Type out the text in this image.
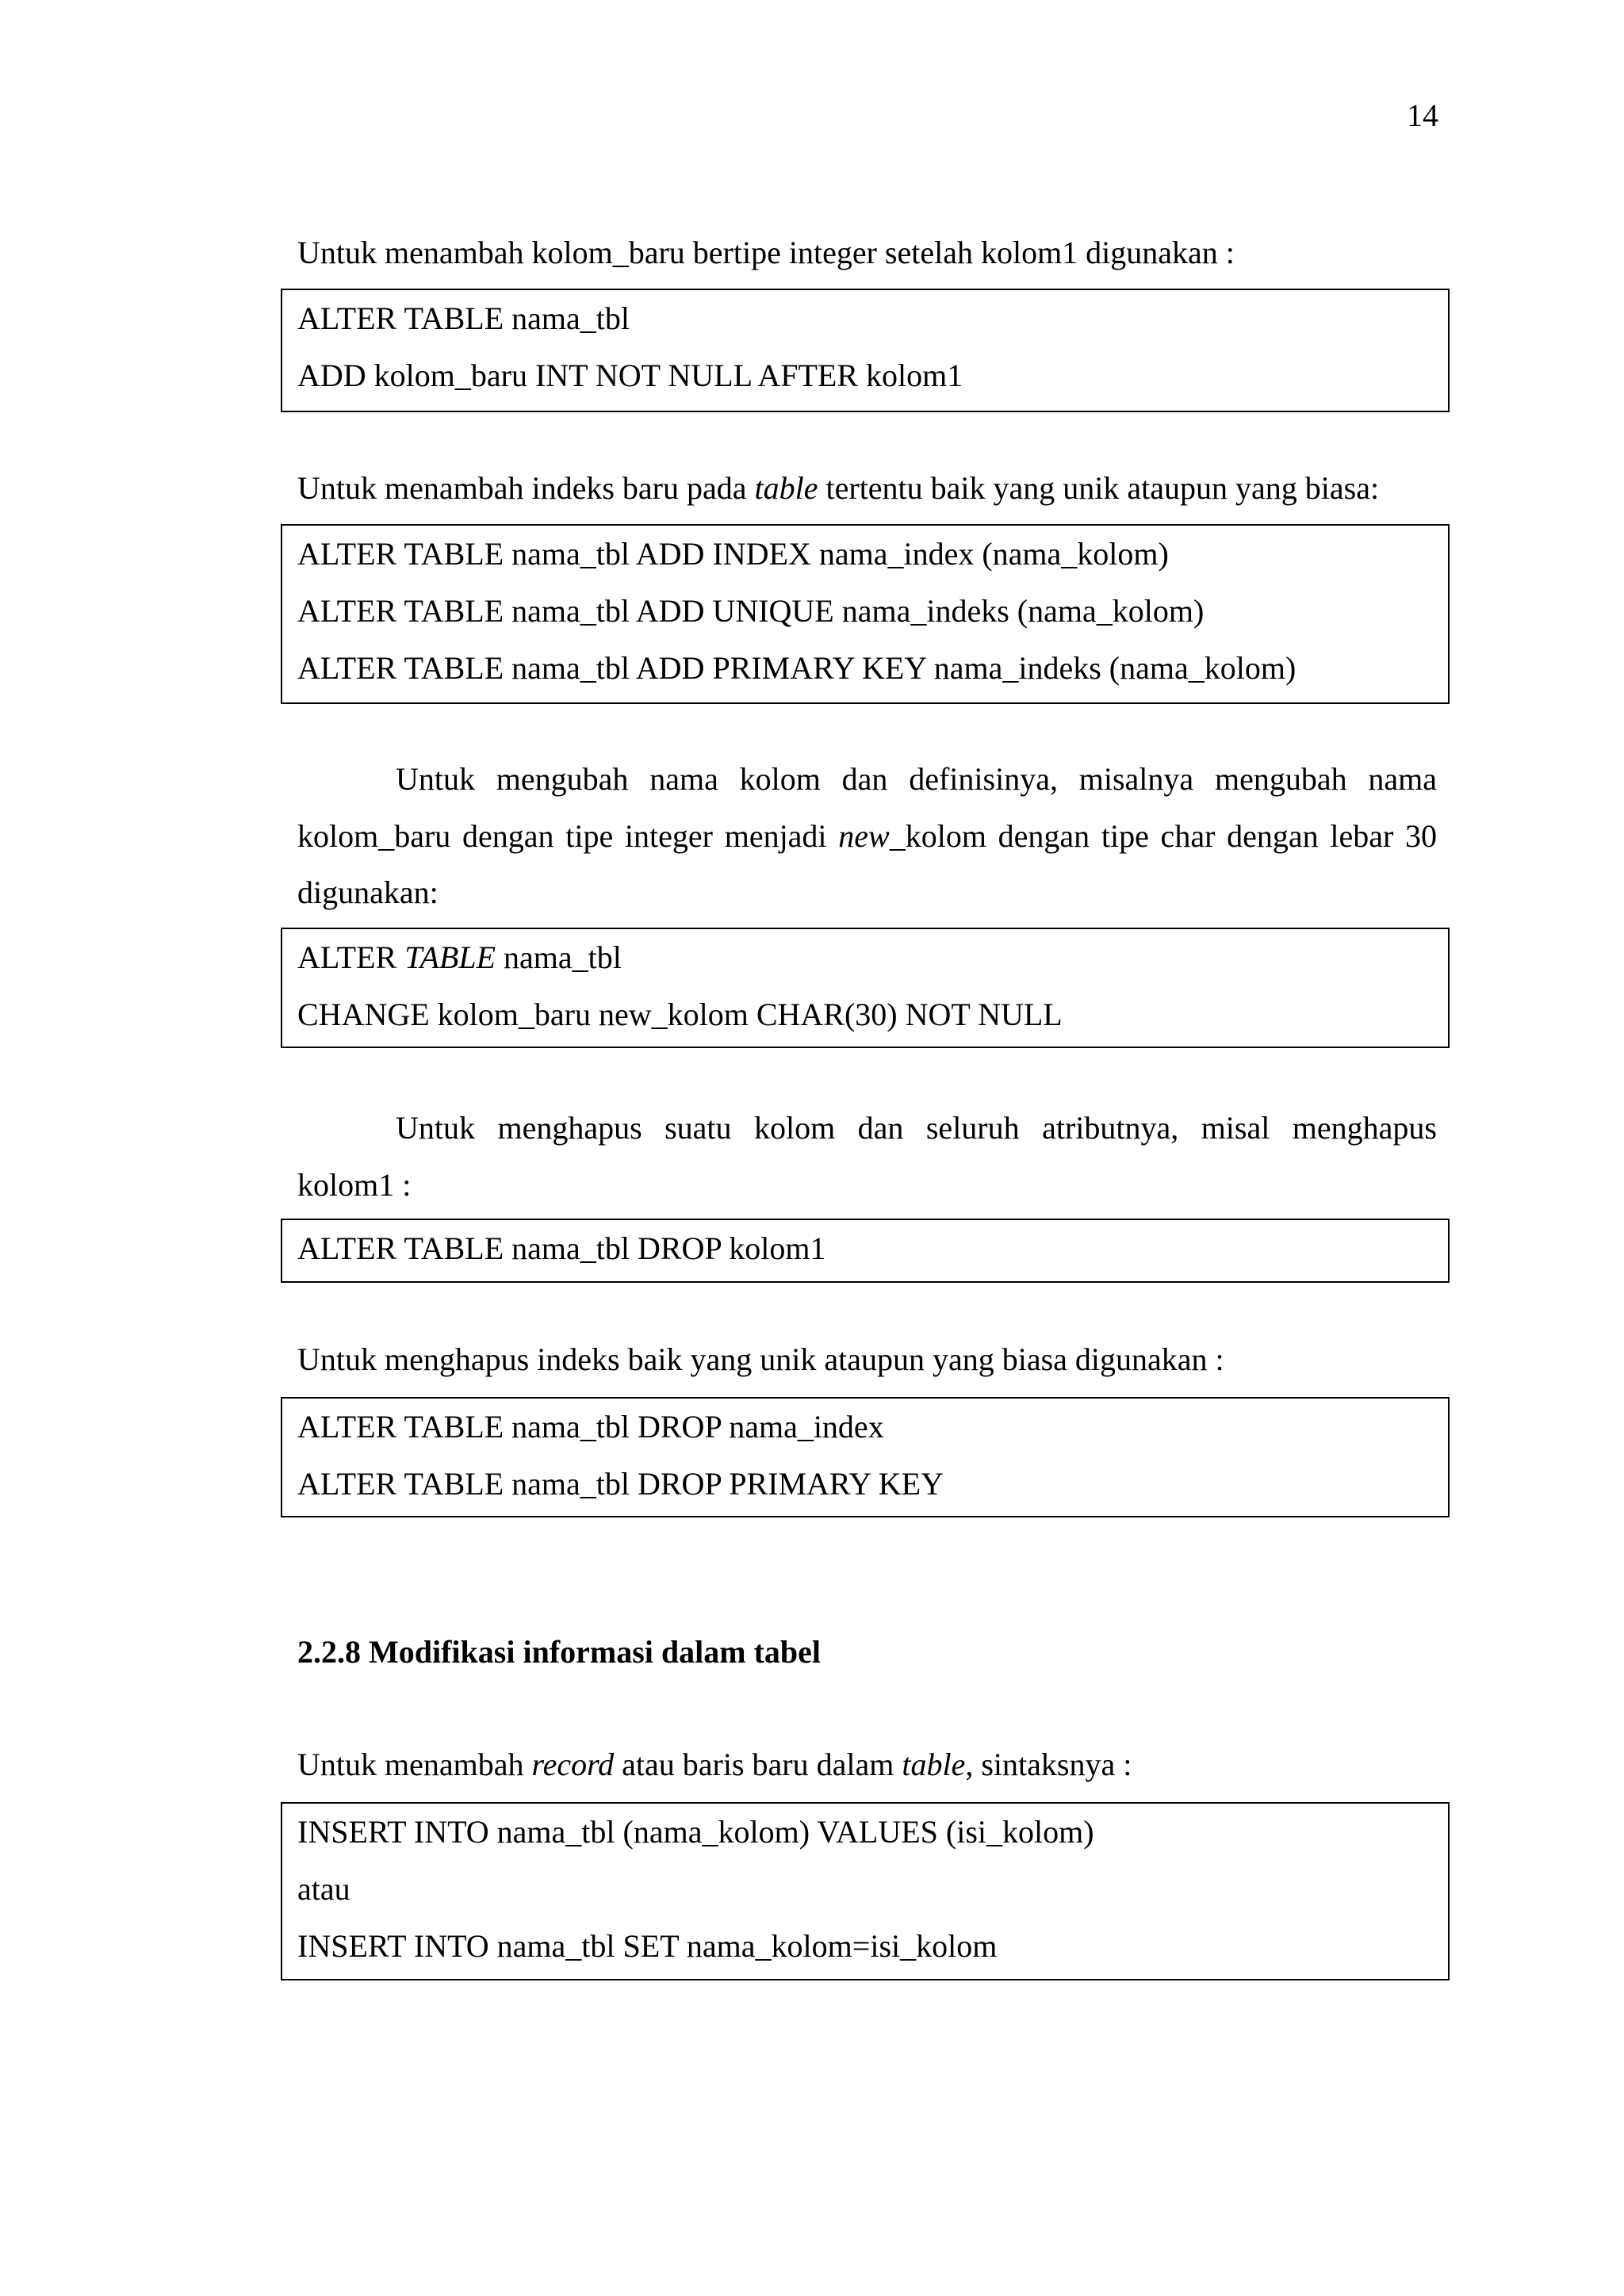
14

Untuk menambah kolom_baru bertipe integer setelah kolom1 digunakan :

ALTER TABLE nama_tbl
ADD kolom_baru INT NOT NULL AFTER kolom1

Untuk menambah indeks baru pada table tertentu baik yang unik ataupun yang biasa:

ALTER TABLE nama_tbl ADD INDEX nama_index (nama_kolom)
ALTER TABLE nama_tbl ADD UNIQUE nama_indeks (nama_kolom)
ALTER TABLE nama_tbl ADD PRIMARY KEY nama_indeks (nama_kolom)

Untuk mengubah nama kolom dan definisinya, misalnya mengubah nama
kolom_baru dengan tipe integer menjadi new_kolom dengan tipe char dengan lebar 30
digunakan:

ALTER TABLE nama_tbl
CHANGE kolom_baru new_kolom CHAR(30) NOT NULL

Untuk menghapus suatu kolom dan seluruh atributnya, misal menghapus
kolom1 :

ALTER TABLE nama_tbl DROP kolom1

Untuk menghapus indeks baik yang unik ataupun yang biasa digunakan :

ALTER TABLE nama_tbl DROP nama_index
ALTER TABLE nama_tbl DROP PRIMARY KEY
2.2.8 Modifikasi informasi dalam tabel

Untuk menambah record atau baris baru dalam table, sintaksnya :

INSERT INTO nama_tbl (nama_kolom) VALUES (isi_kolom)
atau
INSERT INTO nama_tbl SET nama_kolom=isi_kolom
